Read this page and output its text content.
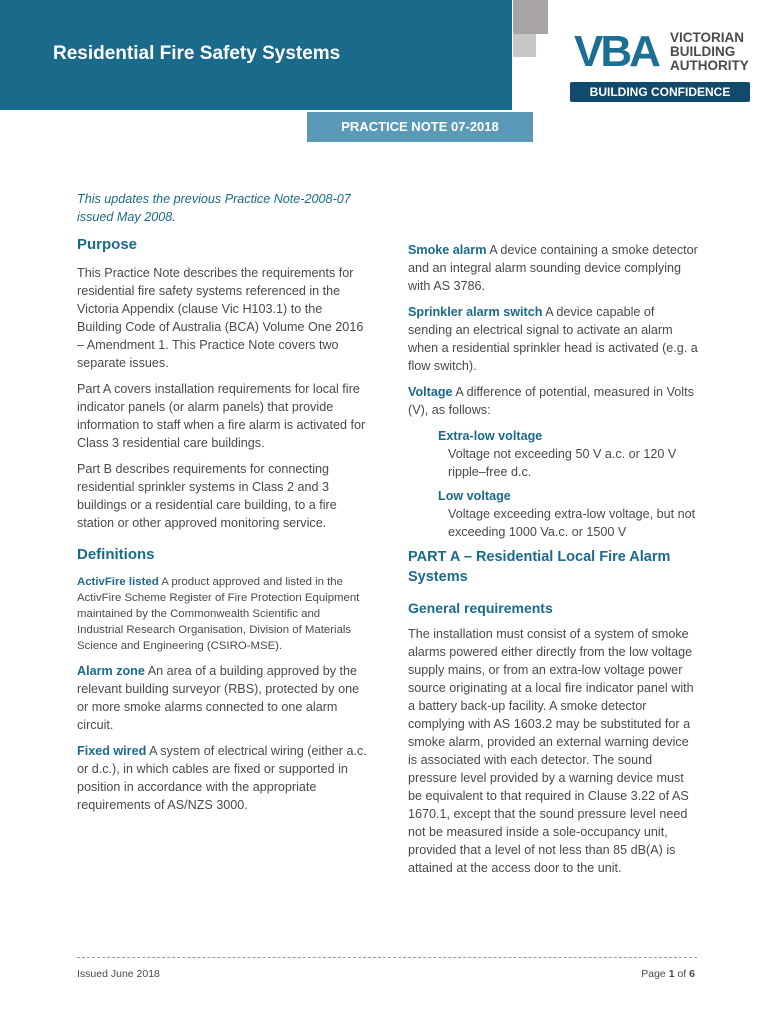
Residential Fire Safety Systems	VBA VICTORIAN
BUILDING
AUTHORITY
BUILDING CONFIDENCE
PRACTICE NOTE 07-2018

This updates the previous Practice Note-2008-07 issued May 2008.

Purpose

This Practice Note describes the requirements for residential fire safety systems referenced in the Victoria Appendix (clause Vic H103.1) to the Building Code of Australia (BCA) Volume One 2016 – Amendment 1. This Practice Note covers two separate issues.

Part A covers installation requirements for local fire indicator panels (or alarm panels) that provide information to staff when a fire alarm is activated for Class 3 residential care buildings.

Part B describes requirements for connecting residential sprinkler systems in Class 2 and 3 buildings or a residential care building, to a fire station or other approved monitoring service.

Definitions

ActivFire listed A product approved and listed in the ActivFire Scheme Register of Fire Protection Equipment maintained by the Commonwealth Scientific and Industrial Research Organisation, Division of Materials Science and Engineering (CSIRO-MSE).

Alarm zone An area of a building approved by the relevant building surveyor (RBS), protected by one or more smoke alarms connected to one alarm circuit.

Fixed wired A system of electrical wiring (either a.c. or d.c.), in which cables are fixed or supported in position in accordance with the appropriate requirements of AS/NZS 3000.

Smoke alarm A device containing a smoke detector and an integral alarm sounding device complying with AS 3786.

Sprinkler alarm switch A device capable of sending an electrical signal to activate an alarm when a residential sprinkler head is activated (e.g. a flow switch).

Voltage A difference of potential, measured in Volts (V), as follows:

Extra-low voltage
Voltage not exceeding 50 V a.c. or 120 V ripple–free d.c.
Low voltage
Voltage exceeding extra-low voltage, but not exceeding 1000 Va.c. or 1500 V
PART A – Residential Local Fire Alarm Systems
General requirements

The installation must consist of a system of smoke alarms powered either directly from the low voltage supply mains, or from an extra-low voltage power source originating at a local fire indicator panel with a battery back-up facility. A smoke detector complying with AS 1603.2 may be substituted for a smoke alarm, provided an external warning device is associated with each detector. The sound pressure level provided by a warning device must be equivalent to that required in Clause 3.22 of AS 1670.1, except that the sound pressure level need not be measured inside a sole-occupancy unit, provided that a level of not less than 85 dB(A) is attained at the access door to the unit.

Issued June 2018	Page 1 of 6
